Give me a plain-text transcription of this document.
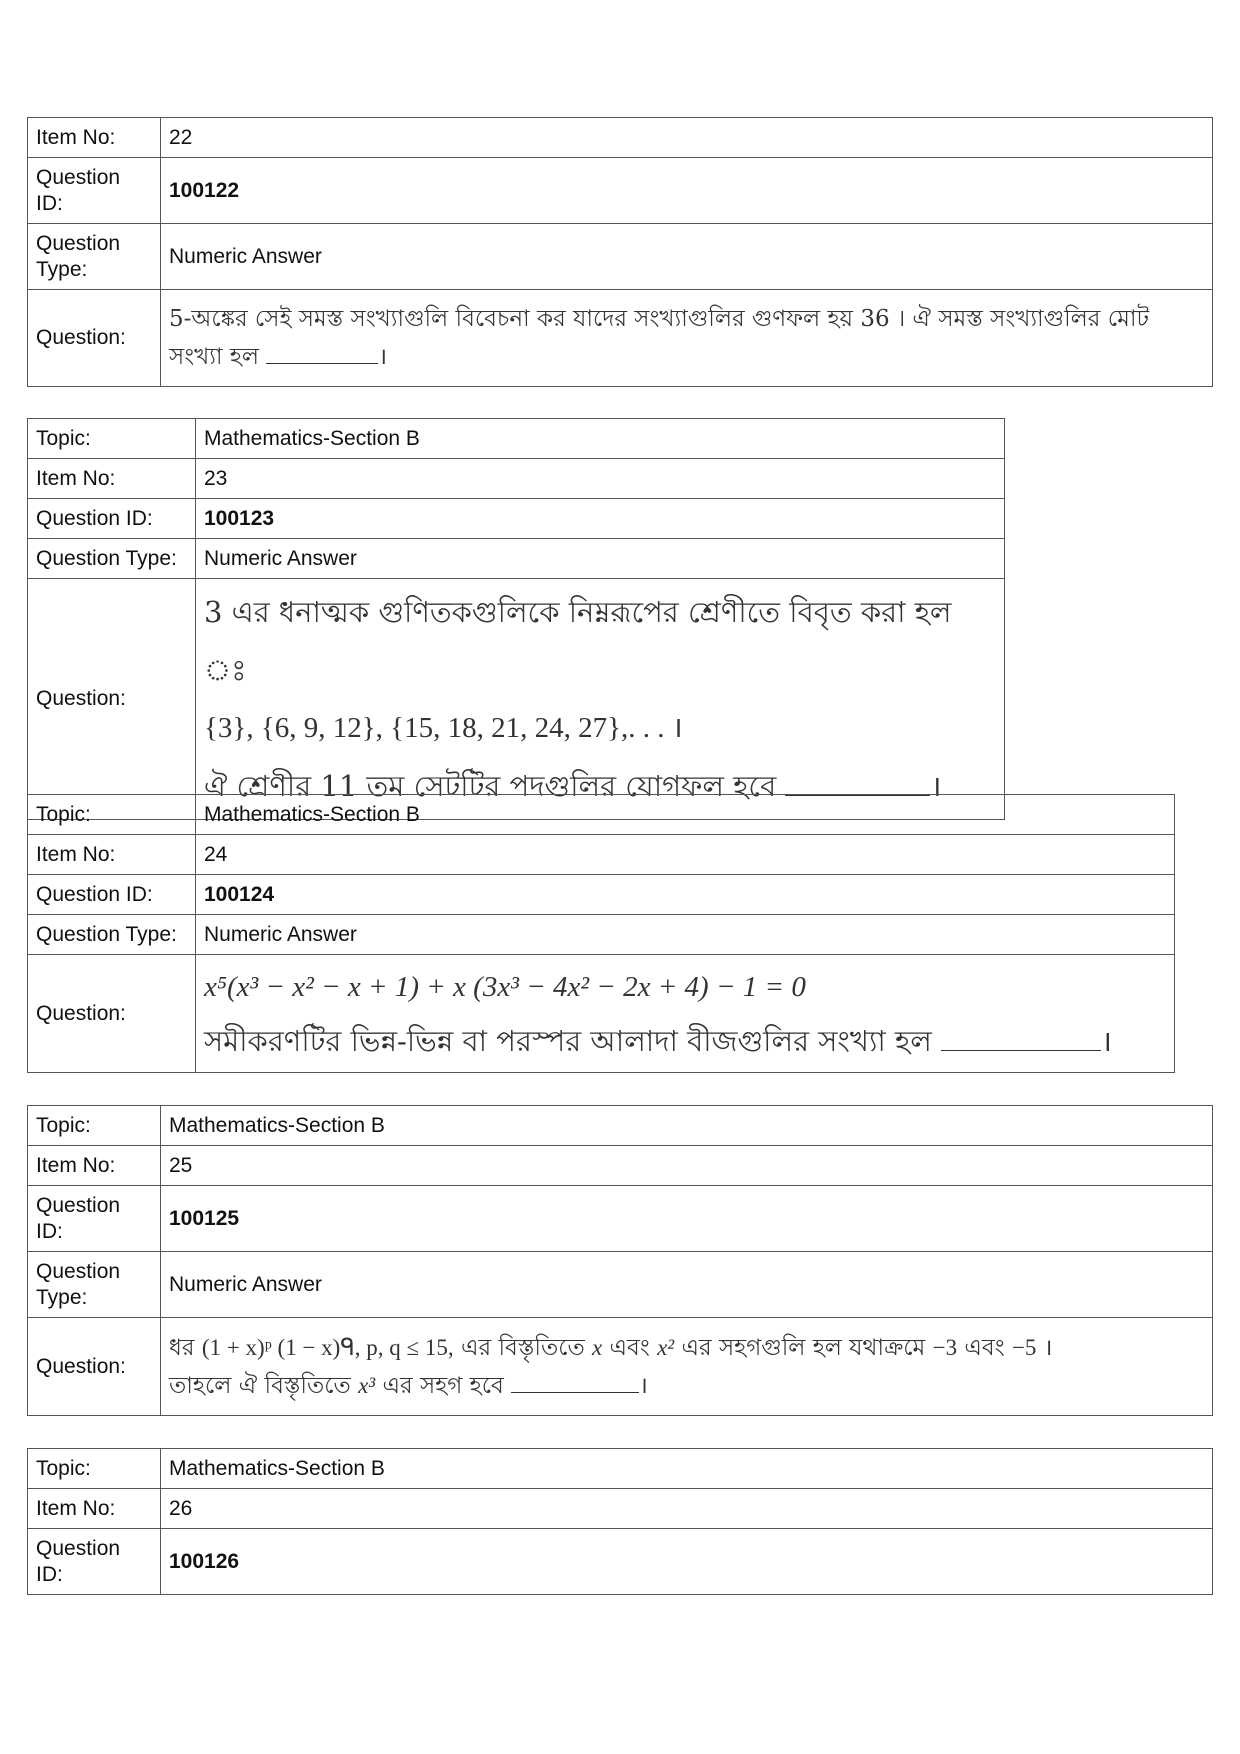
Item No:	22
Question
ID:	100122
Question
Type:	Numeric Answer
Question:	5-অঙ্কের সেই সমস্ত সংখ্যাগুলি বিবেচনা কর যাদের সংখ্যাগুলির গুণফল হয় 36 । ঐ সমস্ত সংখ্যাগুলির মোট
সংখ্যা হল ।
Topic:	Mathematics-Section B
Item No:	23
Question ID:	100123
Question Type:	Numeric Answer
Question:	3 এর ধনাত্মক গুণিতকগুলিকে নিম্নরূপের শ্রেণীতে বিবৃত করা হল ঃ
{3}, {6, 9, 12}, {15, 18, 21, 24, 27},. . . ।
ঐ শ্রেণীর 11 তম সেটটির পদগুলির যোগফল হবে ।
Topic:	Mathematics-Section B
Item No:	24
Question ID:	100124
Question Type:	Numeric Answer
Question:	x⁵(x³ − x² − x + 1) + x (3x³ − 4x² − 2x + 4) − 1 = 0
সমীকরণটির ভিন্ন-ভিন্ন বা পরস্পর আলাদা বীজগুলির সংখ্যা হল ।
Topic:	Mathematics-Section B
Item No:	25
Question
ID:	100125
Question
Type:	Numeric Answer
Question:	ধর (1 + x)ᵖ (1 − x)ᑫ, p, q ≤ 15, এর বিস্তৃতিতে x এবং x² এর সহগগুলি হল যথাক্রমে −3 এবং −5 ।
তাহলে ঐ বিস্তৃতিতে x³ এর সহগ হবে ।
Topic:	Mathematics-Section B
Item No:	26
Question
ID:	100126
